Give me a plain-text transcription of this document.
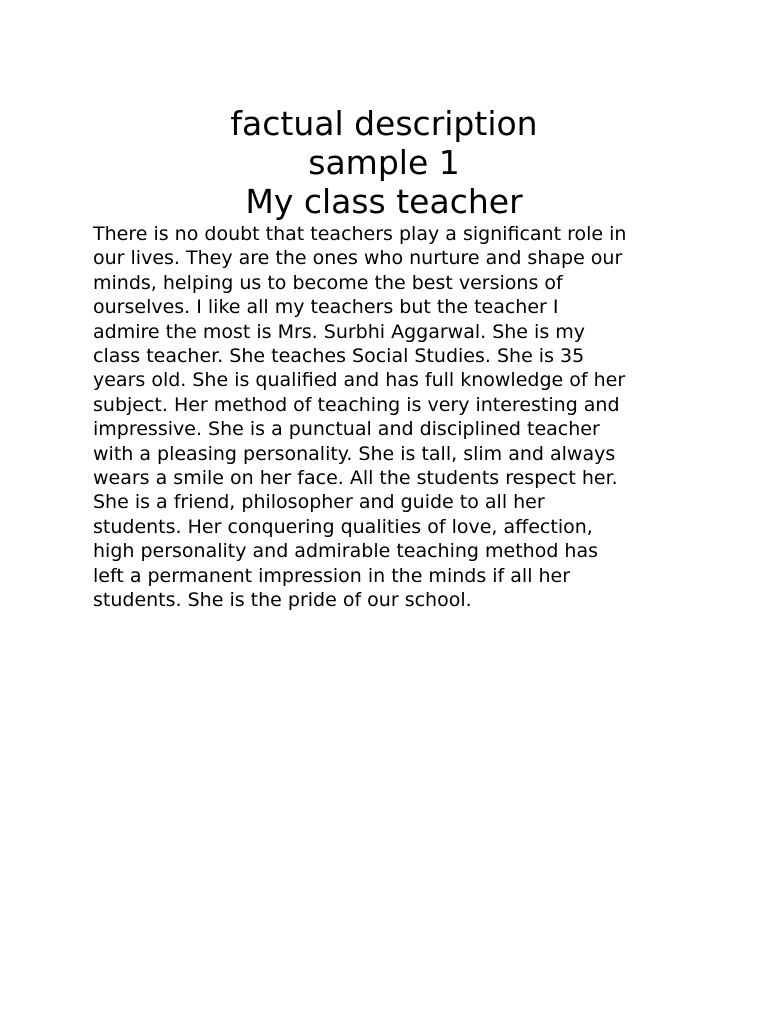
factual description
sample 1
My class teacher
There is no doubt that teachers play a significant role in
our lives. They are the ones who nurture and shape our
minds, helping us to become the best versions of
ourselves. I like all my teachers but the teacher I
admire the most is Mrs. Surbhi Aggarwal. She is my
class teacher. She teaches Social Studies. She is 35
years old. She is qualified and has full knowledge of her
subject. Her method of teaching is very interesting and
impressive. She is a punctual and disciplined teacher
with a pleasing personality. She is tall, slim and always
wears a smile on her face. All the students respect her.
She is a friend, philosopher and guide to all her
students. Her conquering qualities of love, affection,
high personality and admirable teaching method has
left a permanent impression in the minds if all her
students. She is the pride of our school.
